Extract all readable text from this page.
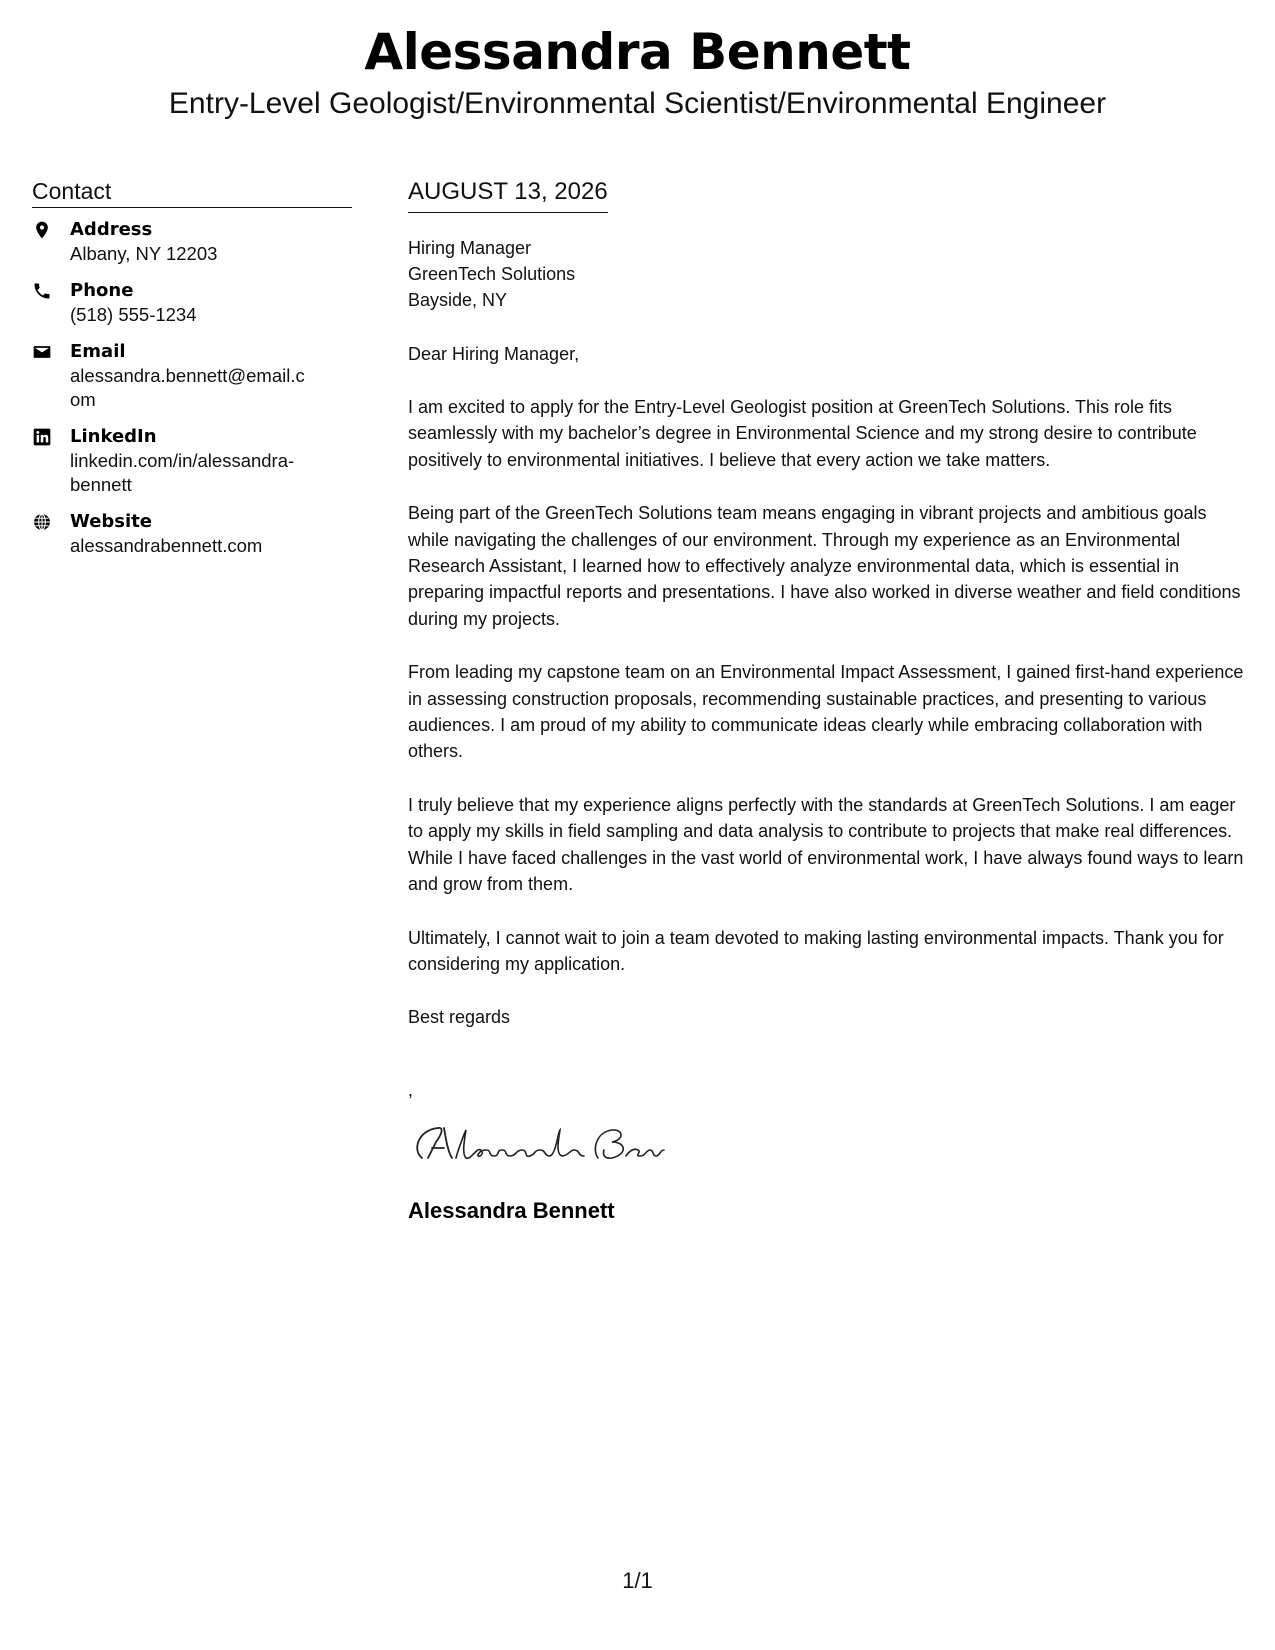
Alessandra Bennett
Entry-Level Geologist/Environmental Scientist/Environmental Engineer
Contact
Address
Albany, NY 12203
Phone
(518) 555-1234
Email
alessandra.bennett@email.com
LinkedIn
linkedin.com/in/alessandra-bennett
Website
alessandrabennett.com
AUGUST 13, 2026
Hiring Manager
GreenTech Solutions
Bayside, NY
Dear Hiring Manager,
I am excited to apply for the Entry-Level Geologist position at GreenTech Solutions. This role fits seamlessly with my bachelor’s degree in Environmental Science and my strong desire to contribute positively to environmental initiatives. I believe that every action we take matters.
Being part of the GreenTech Solutions team means engaging in vibrant projects and ambitious goals while navigating the challenges of our environment. Through my experience as an Environmental Research Assistant, I learned how to effectively analyze environmental data, which is essential in preparing impactful reports and presentations. I have also worked in diverse weather and field conditions during my projects.
From leading my capstone team on an Environmental Impact Assessment, I gained first-hand experience in assessing construction proposals, recommending sustainable practices, and presenting to various audiences. I am proud of my ability to communicate ideas clearly while embracing collaboration with others.
I truly believe that my experience aligns perfectly with the standards at GreenTech Solutions. I am eager to apply my skills in field sampling and data analysis to contribute to projects that make real differences. While I have faced challenges in the vast world of environmental work, I have always found ways to learn and grow from them.
Ultimately, I cannot wait to join a team devoted to making lasting environmental impacts. Thank you for considering my application.
Best regards
,
Alessandra Bennett
1/1
